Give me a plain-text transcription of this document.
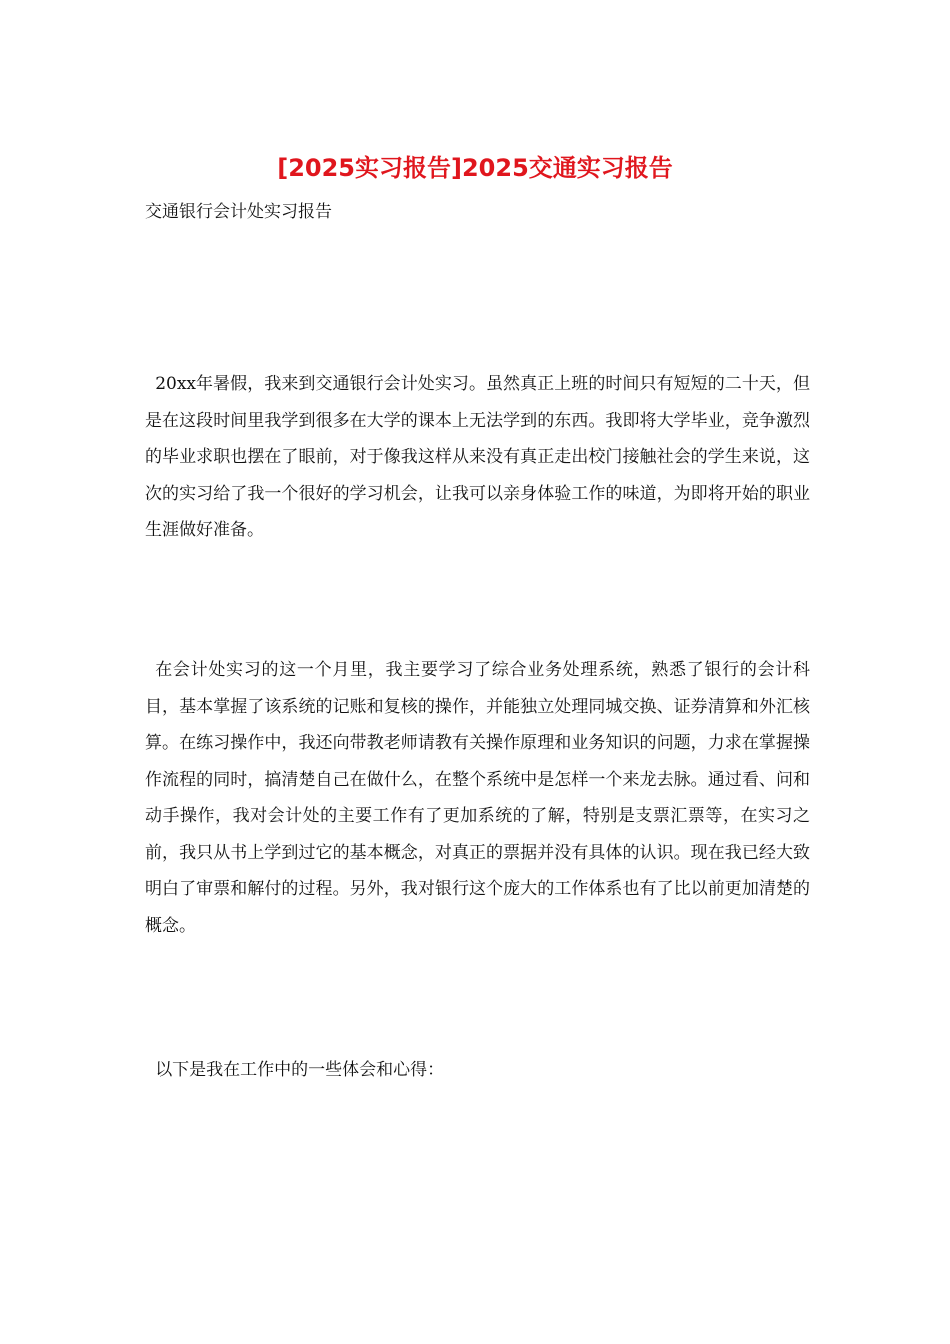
[2025实习报告]2025交通实习报告

交通银行会计处实习报告

20xx年暑假，我来到交通银行会计处实习。虽然真正上班的时间只有短短的二十天，但是在这段时间里我学到很多在大学的课本上无法学到的东西。我即将大学毕业，竞争激烈的毕业求职也摆在了眼前，对于像我这样从来没有真正走出校门接触社会的学生来说，这次的实习给了我一个很好的学习机会，让我可以亲身体验工作的味道，为即将开始的职业生涯做好准备。

在会计处实习的这一个月里，我主要学习了综合业务处理系统，熟悉了银行的会计科目，基本掌握了该系统的记账和复核的操作，并能独立处理同城交换、证券清算和外汇核算。在练习操作中，我还向带教老师请教有关操作原理和业务知识的问题，力求在掌握操作流程的同时，搞清楚自己在做什么，在整个系统中是怎样一个来龙去脉。通过看、问和动手操作，我对会计处的主要工作有了更加系统的了解，特别是支票汇票等，在实习之前，我只从书上学到过它的基本概念，对真正的票据并没有具体的认识。现在我已经大致明白了审票和解付的过程。另外，我对银行这个庞大的工作体系也有了比以前更加清楚的概念。

以下是我在工作中的一些体会和心得：
